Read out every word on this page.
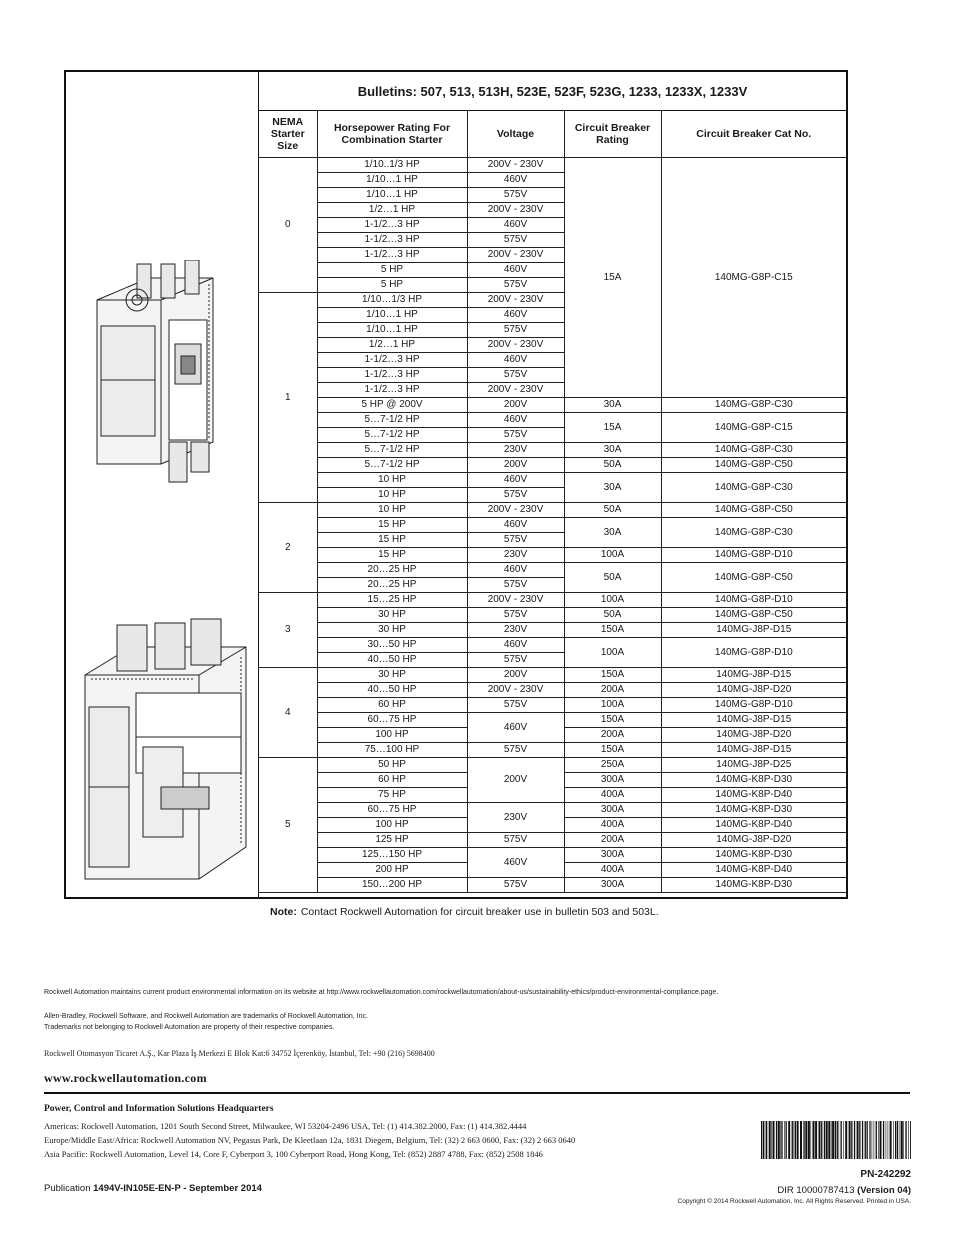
Bulletins: 507, 513, 513H, 523E, 523F, 523G, 1233, 1233X, 1233V
NEMA Starter Size	Horsepower Rating For Combination Starter	Voltage	Circuit Breaker Rating	Circuit Breaker Cat No.
0	1/10..1/3 HP	200V - 230V	15A	140MG-G8P-C15
	1/10…1 HP	460V		
	1/10…1 HP	575V		
	1/2…1 HP	200V - 230V		
	1-1/2…3 HP	460V		
	1-1/2…3 HP	575V		
	1-1/2…3 HP	200V - 230V		
	5 HP	460V		
	5 HP	575V		
1	1/10…1/3 HP	200V - 230V		
	1/10…1 HP	460V		
	1/10…1 HP	575V		
	1/2…1 HP	200V - 230V		
	1-1/2…3 HP	460V		
	1-1/2…3 HP	575V		
	1-1/2…3 HP	200V - 230V		
	5 HP @ 200V	200V	30A	140MG-G8P-C30
	5…7-1/2 HP	460V	15A	140MG-G8P-C15
	5…7-1/2 HP	575V		
	5…7-1/2 HP	230V	30A	140MG-G8P-C30
	5…7-1/2 HP	200V	50A	140MG-G8P-C50
	10 HP	460V	30A	140MG-G8P-C30
	10 HP	575V		
2	10 HP	200V - 230V	50A	140MG-G8P-C50
	15 HP	460V	30A	140MG-G8P-C30
	15 HP	575V		
	15 HP	230V	100A	140MG-G8P-D10
	20…25 HP	460V	50A	140MG-G8P-C50
	20…25 HP	575V		
3	15…25 HP	200V - 230V	100A	140MG-G8P-D10
	30 HP	575V	50A	140MG-G8P-C50
	30 HP	230V	150A	140MG-J8P-D15
	30…50 HP	460V	100A	140MG-G8P-D10
	40…50 HP	575V		
4	30 HP	200V	150A	140MG-J8P-D15
	40…50 HP	200V - 230V	200A	140MG-J8P-D20
	60 HP	575V	100A	140MG-G8P-D10
	60…75 HP	460V	150A	140MG-J8P-D15
	100 HP		200A	140MG-J8P-D20
	75…100 HP	575V	150A	140MG-J8P-D15
5	50 HP	200V	250A	140MG-J8P-D25
	60 HP		300A	140MG-K8P-D30
	75 HP		400A	140MG-K8P-D40
	60…75 HP	230V	300A	140MG-K8P-D30
	100 HP		400A	140MG-K8P-D40
	125 HP	575V	200A	140MG-J8P-D20
	125…150 HP	460V	300A	140MG-K8P-D30
	200 HP		400A	140MG-K8P-D40
	150…200 HP	575V	300A	140MG-K8P-D30
Note: Contact Rockwell Automation for circuit breaker use in bulletin 503 and 503L.
Rockwell Automation maintains current product environmental information on its website at http://www.rockwellautomation.com/rockwellautomation/about-us/sustainability-ethics/product-environmental-compliance.page.
Allen-Bradley, Rockwell Software, and Rockwell Automation are trademarks of Rockwell Automation, Inc.
Trademarks not belonging to Rockwell Automation are property of their respective companies.
Rockwell Otomasyon Ticaret A.Ş., Kar Plaza İş Merkezi E Blok Kat:6 34752 İçerenköy, İstanbul, Tel: +90 (216) 5698400
www.rockwellautomation.com
Power, Control and Information Solutions Headquarters
Americas: Rockwell Automation, 1201 South Second Street, Milwaukee, WI 53204-2496 USA, Tel: (1) 414.382.2000, Fax: (1) 414.382.4444
Europe/Middle East/Africa: Rockwell Automation NV, Pegasus Park, De Kleetlaan 12a, 1831 Diegem, Belgium, Tel: (32) 2 663 0600, Fax: (32) 2 663 0640
Asia Pacific: Rockwell Automation, Level 14, Core F, Cyberport 3, 100 Cyberport Road, Hong Kong, Tel: (852) 2887 4788, Fax: (852) 2508 1846
Publication 1494V-IN105E-EN-P - September 2014
PN-242292
DIR 10000787413 (Version 04)
Copyright © 2014 Rockwell Automation, Inc. All Rights Reserved. Printed in USA.
